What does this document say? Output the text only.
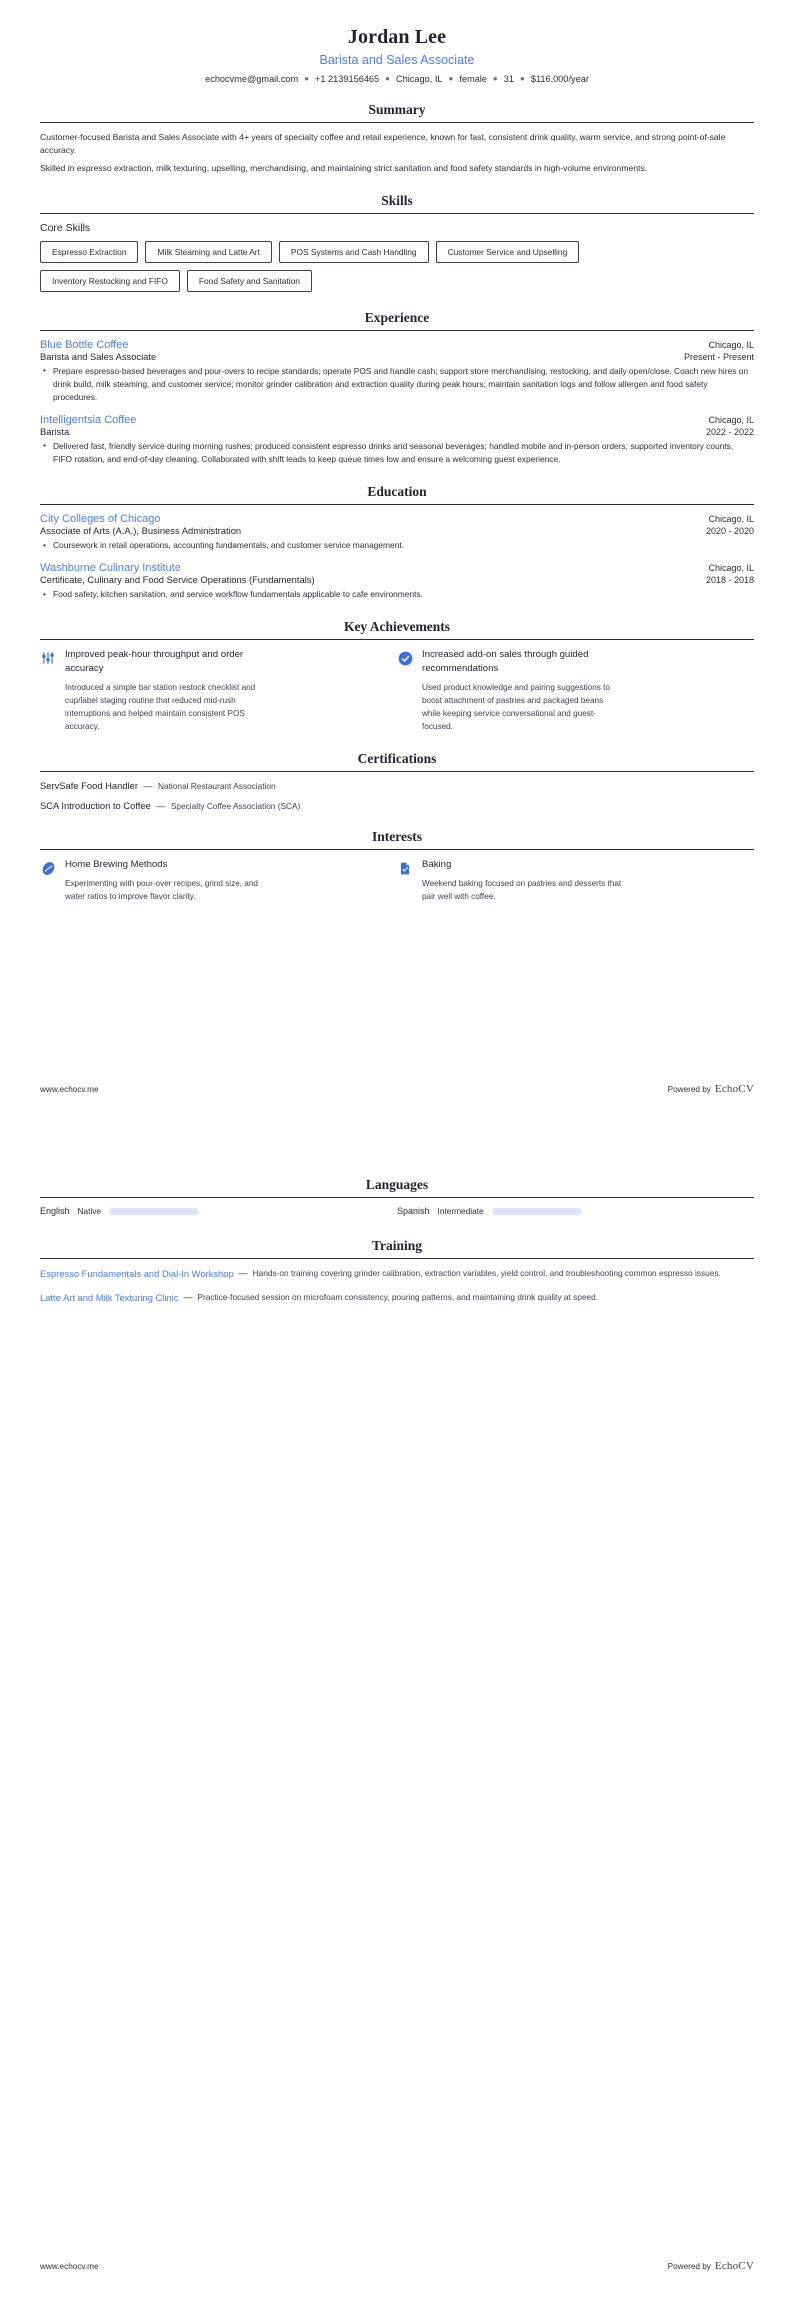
Jordan Lee
Barista and Sales Associate
echocvme@gmail.com ● +1 2139156465 ● Chicago, IL ● female ● 31 ● $116,000/year
Summary

Customer-focused Barista and Sales Associate with 4+ years of specialty coffee and retail experience, known for fast, consistent drink quality, warm service, and strong point-of-sale accuracy.

Skilled in espresso extraction, milk texturing, upselling, merchandising, and maintaining strict sanitation and food safety standards in high-volume environments.

Skills
Core Skills
Espresso Extraction	Milk Steaming and Latte Art	POS Systems and Cash Handling	Customer Service and Upselling
Inventory Restocking and FIFO	Food Safety and Sanitation
Experience
Blue Bottle Coffee	Chicago, IL
Barista and Sales Associate	Present - Present
• Prepare espresso-based beverages and pour-overs to recipe standards; operate POS and handle cash; support store merchandising, restocking, and daily open/close. Coach new hires on drink build, milk steaming, and customer service; monitor grinder calibration and extraction quality during peak hours; maintain sanitation logs and follow allergen and food safety procedures.
Intelligentsia Coffee	Chicago, IL
Barista	2022 - 2022
• Delivered fast, friendly service during morning rushes; produced consistent espresso drinks and seasonal beverages; handled mobile and in-person orders; supported inventory counts, FIFO rotation, and end-of-day cleaning. Collaborated with shift leads to keep queue times low and ensure a welcoming guest experience.
Education
City Colleges of Chicago	Chicago, IL
Associate of Arts (A.A.), Business Administration	2020 - 2020
• Coursework in retail operations, accounting fundamentals, and customer service management.
Washburne Culinary Institute	Chicago, IL
Certificate, Culinary and Food Service Operations (Fundamentals)	2018 - 2018
• Food safety, kitchen sanitation, and service workflow fundamentals applicable to cafe environments.
Key Achievements
Improved peak-hour throughput and order accuracy

Introduced a simple bar station restock checklist and cup/label staging routine that reduced mid-rush interruptions and helped maintain consistent POS accuracy.

Increased add-on sales through guided recommendations

Used product knowledge and pairing suggestions to boost attachment of pastries and packaged beans while keeping service conversational and guest-focused.

Certifications
ServSafe Food Handler — National Restaurant Association
SCA Introduction to Coffee — Specialty Coffee Association (SCA)
Interests
Home Brewing Methods

Experimenting with pour-over recipes, grind size, and water ratios to improve flavor clarity.

Baking

Weekend baking focused on pastries and desserts that pair well with coffee.

www.echocv.me	Powered by EchoCV
Languages
English Native	Spanish Intermediate
Training
Espresso Fundamentals and Dial-In Workshop — Hands-on training covering grinder calibration, extraction variables, yield control, and troubleshooting common espresso issues.
Latte Art and Milk Texturing Clinic — Practice-focused session on microfoam consistency, pouring patterns, and maintaining drink quality at speed.
www.echocv.me	Powered by EchoCV
